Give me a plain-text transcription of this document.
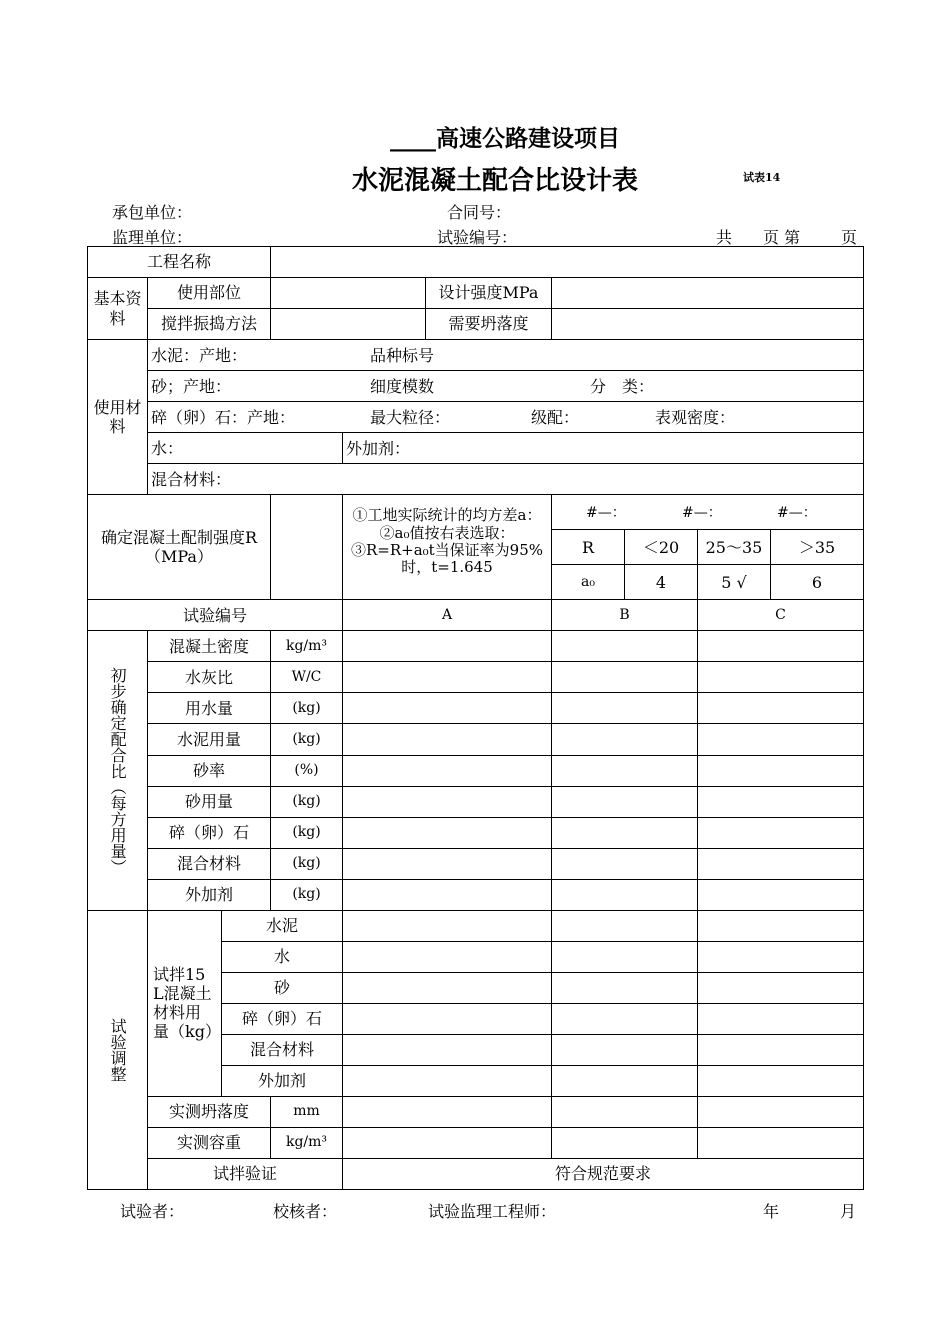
____高速公路建设项目
水泥混凝土配合比设计表	试表14
承包单位：	合同号：
监理单位：	试验编号：	共 页 第	页
工程名称									
基本资料	使用部位				设计强度MPa				
	搅拌振捣方法				需要坍落度				
使用材料	水泥：产地： 品种标号								

	砂；产地： 细度模数 分　类：								

	碎（卵）石：产地： 最大粒径： 级配： 表观密度：								

	水：			外加剂：					
	混合材料：								
确定混凝土配制强度R（MPa）				①工地实际统计的均方差a：②a₀值按右表选取：③R=R+a₀t当保证率为95%时，t=1.645		#—： #—： #—：			

						R	＜20	25～35	＞35
						a₀	4	5 √	6
试验编号				A		B		C	
初步确定配合比（每方用量）	混凝土密度		kg/m³						
	水灰比		W/C						
	用水量		(kg)						
	水泥用量		(kg)						
	砂率		(%)						
	砂用量		(kg)						
	碎（卵）石		(kg)						
	混合材料		(kg)						
	外加剂		(kg)						
试验调整	试拌15 L混凝土材料用量（kg）	水泥							
		水							
		砂							
		碎（卵）石							
		混合材料							
		外加剂							
	实测坍落度		mm						
	实测容重		kg/m³						
	试拌验证			符合规范要求					
试验者：	校核者：	试验监理工程师：	年	月
